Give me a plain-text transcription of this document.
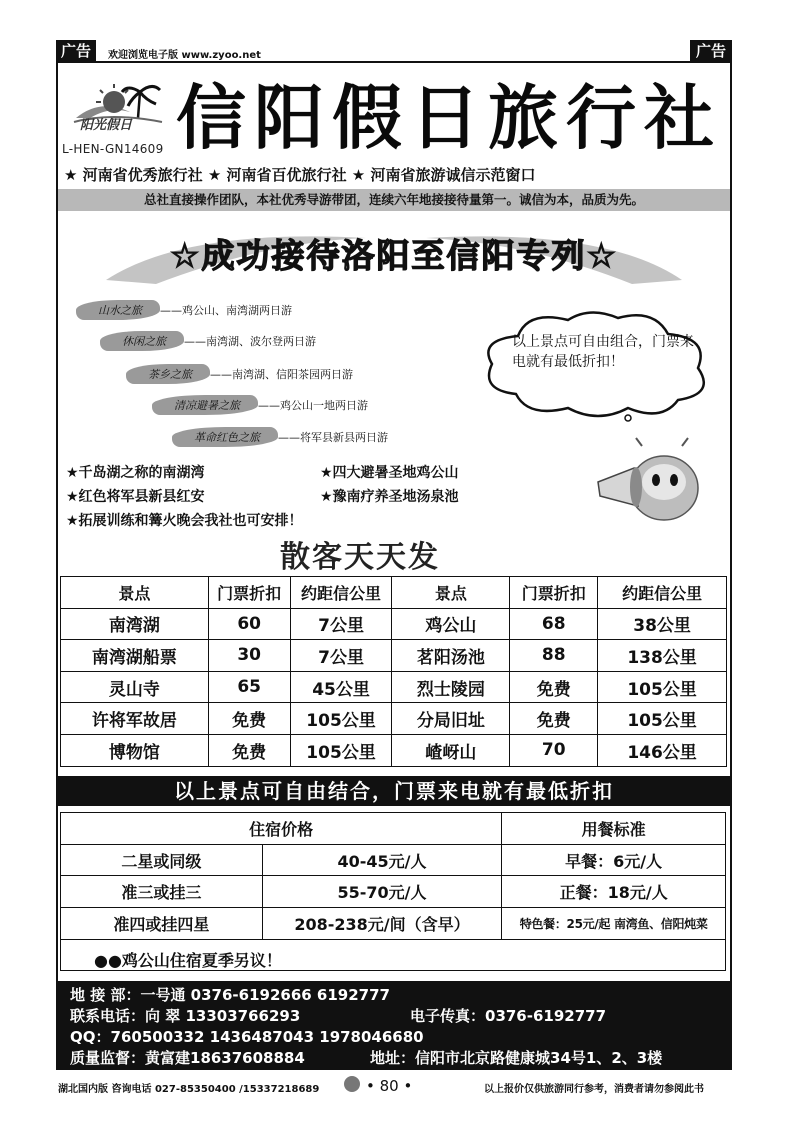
广告	欢迎浏览电子版 www.zyoo.net	广告
阳光假日
L-HEN-GN14609 信阳假日旅行社
★ 河南省优秀旅行社 ★ 河南省百优旅行社 ★ 河南省旅游诚信示范窗口
总社直接操作团队，本社优秀导游带团，连续六年地接接待量第一。诚信为本，品质为先。
☆成功接待洛阳至信阳专列☆
山水之旅 ——鸡公山、南湾湖两日游
休闲之旅 ——南湾湖、波尔登两日游
茶乡之旅 ——南湾湖、信阳茶园两日游
清凉避暑之旅 ——鸡公山一地两日游
革命红色之旅 ——将军县新县两日游
以上景点可自由组合，门票来电就有最低折扣！
★千岛湖之称的南湖湾	★四大避暑圣地鸡公山
★红色将军县新县红安	★豫南疗养圣地汤泉池
★拓展训练和篝火晚会我社也可安排！
散客天天发
景点	门票折扣	约距信公里	景点	门票折扣	约距信公里
南湾湖	60	7公里	鸡公山	68	38公里
南湾湖船票	30	7公里	茗阳汤池	88	138公里
灵山寺	65	45公里	烈士陵园	免费	105公里
许将军故居	免费	105公里	分局旧址	免费	105公里
博物馆	免费	105公里	嵖岈山	70	146公里
以上景点可自由结合，门票来电就有最低折扣
住宿价格		用餐标准
二星或同级	40-45元/人	早餐：6元/人
准三或挂三	55-70元/人	正餐：18元/人
准四或挂四星	208-238元/间（含早）	特色餐：25元/起 南湾鱼、信阳炖菜

●●鸡公山住宿夏季另议！
地 接 部：一号通 0376-6192666 6192777
联系电话：向 翠 13303766293	电子传真：0376-6192777
QQ：760500332 1436487043 1978046680
质量监督：黄富建18637608884	地址：信阳市北京路健康城34号1、2、3楼
湖北国内版 咨询电话 027-85350400 /15337218689	• 80 •	以上报价仅供旅游同行参考，消费者请勿参阅此书
